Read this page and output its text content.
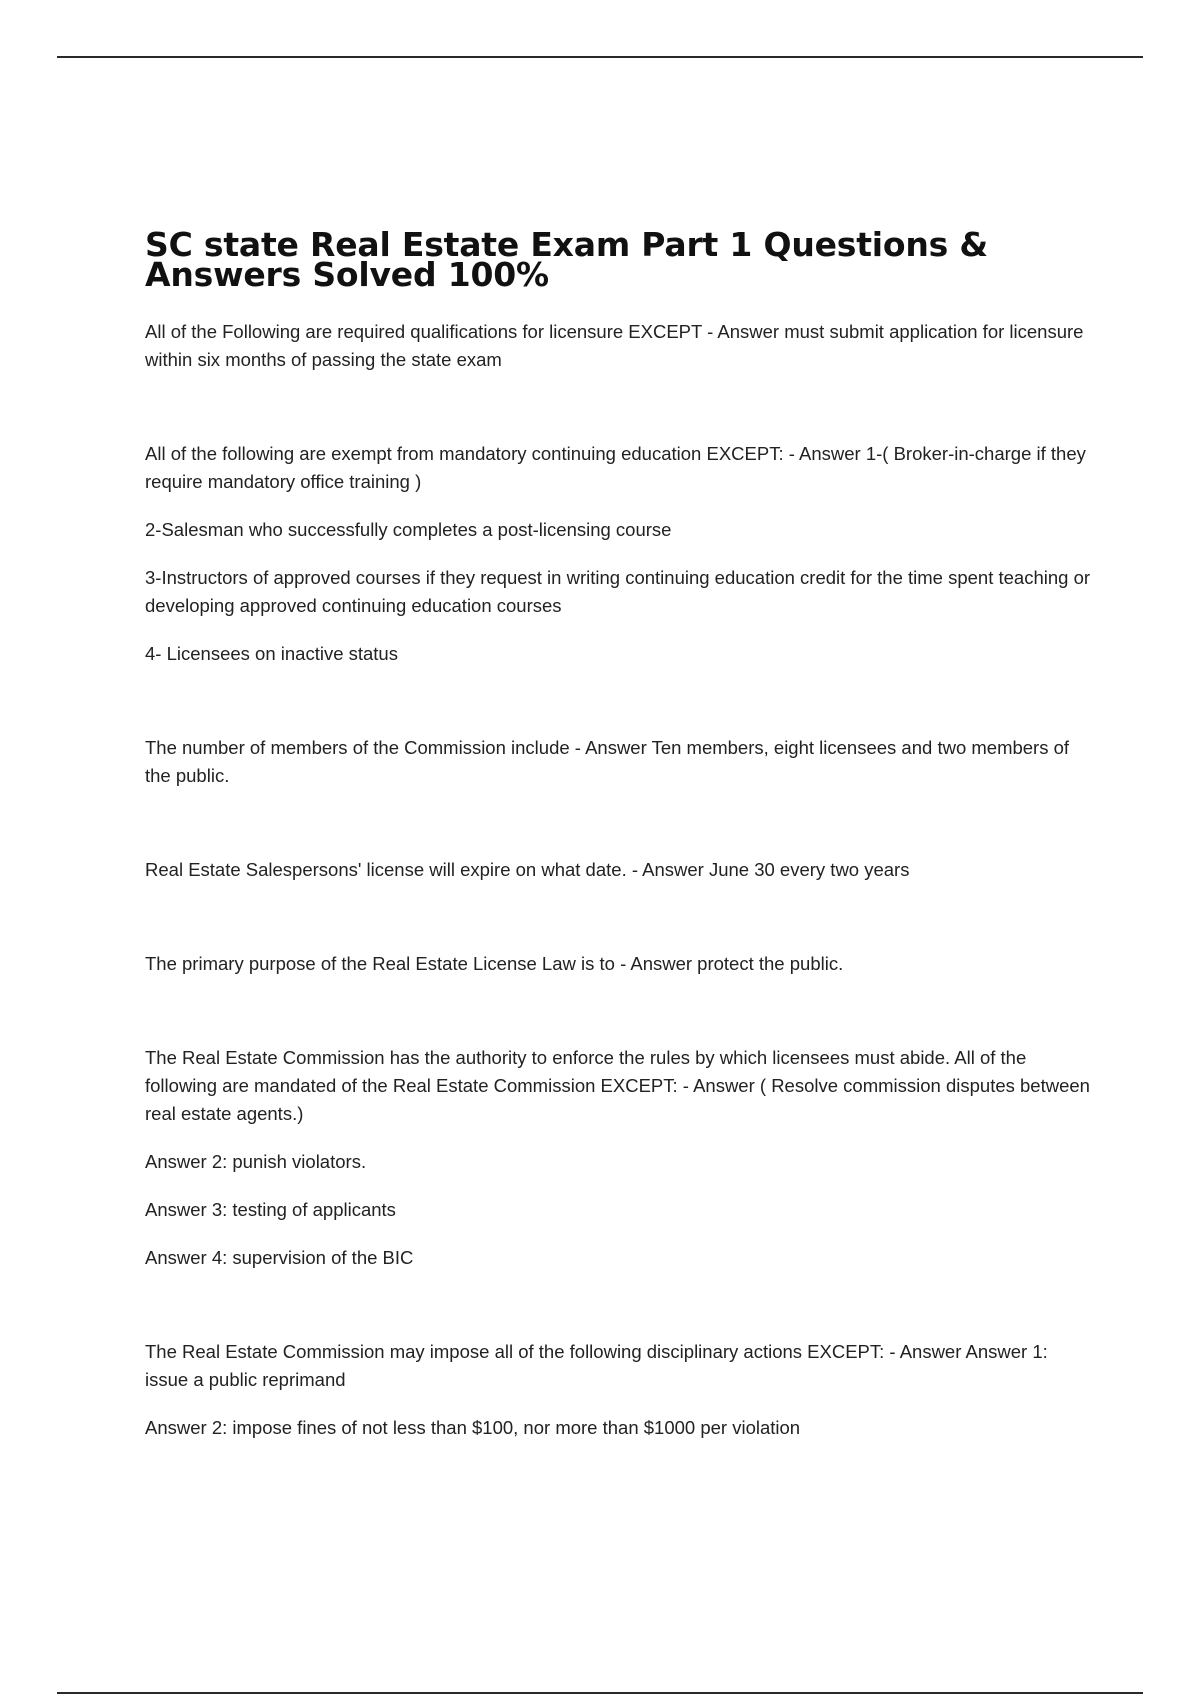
SC state Real Estate Exam Part 1 Questions & Answers Solved 100%

All of the Following are required qualifications for licensure EXCEPT - Answer must submit application for licensure within six months of passing the state exam

All of the following are exempt from mandatory continuing education EXCEPT: - Answer 1-( Broker-in-charge if they require mandatory office training )

2-Salesman who successfully completes a post-licensing course

3-Instructors of approved courses if they request in writing continuing education credit for the time spent teaching or developing approved continuing education courses

4- Licensees on inactive status

The number of members of the Commission include - Answer Ten members, eight licensees and two members of the public.

Real Estate Salespersons' license will expire on what date. - Answer June 30 every two years

The primary purpose of the Real Estate License Law is to - Answer protect the public.

The Real Estate Commission has the authority to enforce the rules by which licensees must abide. All of the following are mandated of the Real Estate Commission EXCEPT: - Answer ( Resolve commission disputes between real estate agents.)

Answer 2: punish violators.

Answer 3: testing of applicants

Answer 4: supervision of the BIC

The Real Estate Commission may impose all of the following disciplinary actions EXCEPT: - Answer Answer 1: issue a public reprimand

Answer 2: impose fines of not less than $100, nor more than $1000 per violation
